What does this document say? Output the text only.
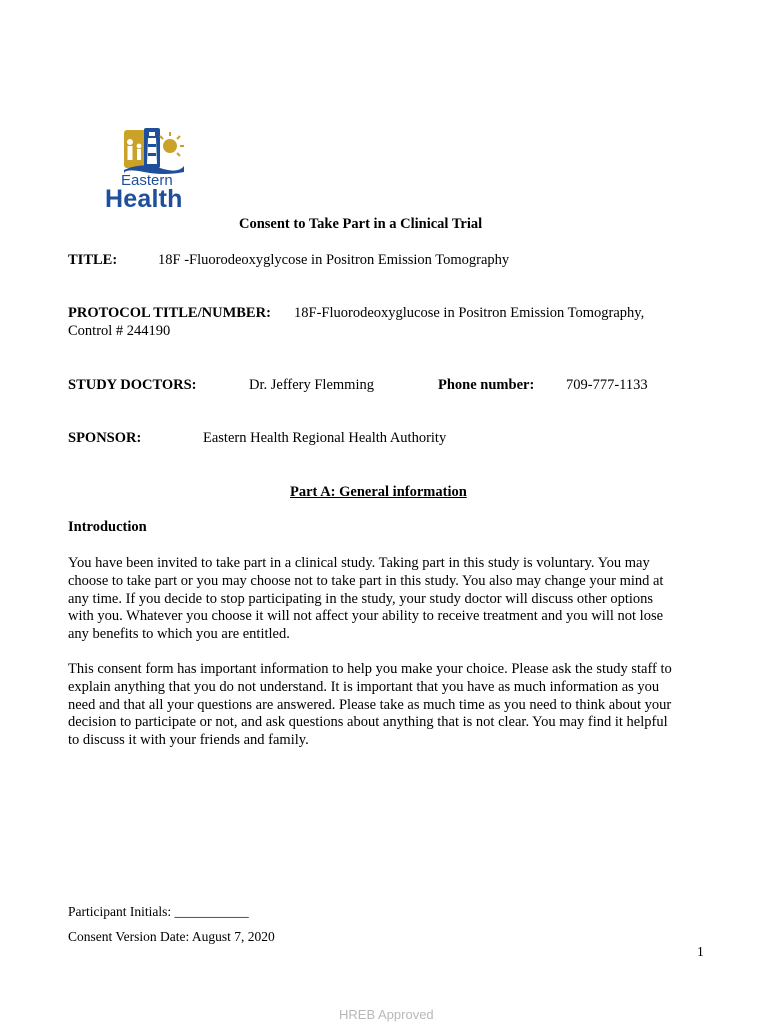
Eastern
Health
Consent to Take Part in a Clinical Trial
TITLE:	18F -Fluorodeoxyglycose in Positron Emission Tomography
PROTOCOL TITLE/NUMBER: 18F-Fluorodeoxyglucose in Positron Emission Tomography,
Control # 244190
STUDY DOCTORS:	Dr. Jeffery Flemming	Phone number: 709-777-1133
SPONSOR:	Eastern Health Regional Health Authority
Part A: General information
Introduction
You have been invited to take part in a clinical study. Taking part in this study is voluntary. You may
choose to take part or you may choose not to take part in this study. You also may change your mind at
any time. If you decide to stop participating in the study, your study doctor will discuss other options
with you. Whatever you choose it will not affect your ability to receive treatment and you will not lose
any benefits to which you are entitled.
This consent form has important information to help you make your choice. Please ask the study staff to
explain anything that you do not understand. It is important that you have as much information as you
need and that all your questions are answered. Please take as much time as you need to think about your
decision to participate or not, and ask questions about anything that is not clear. You may find it helpful
to discuss it with your friends and family.
Participant Initials: ___________
Consent Version Date: August 7, 2020
1
HREB Approved
